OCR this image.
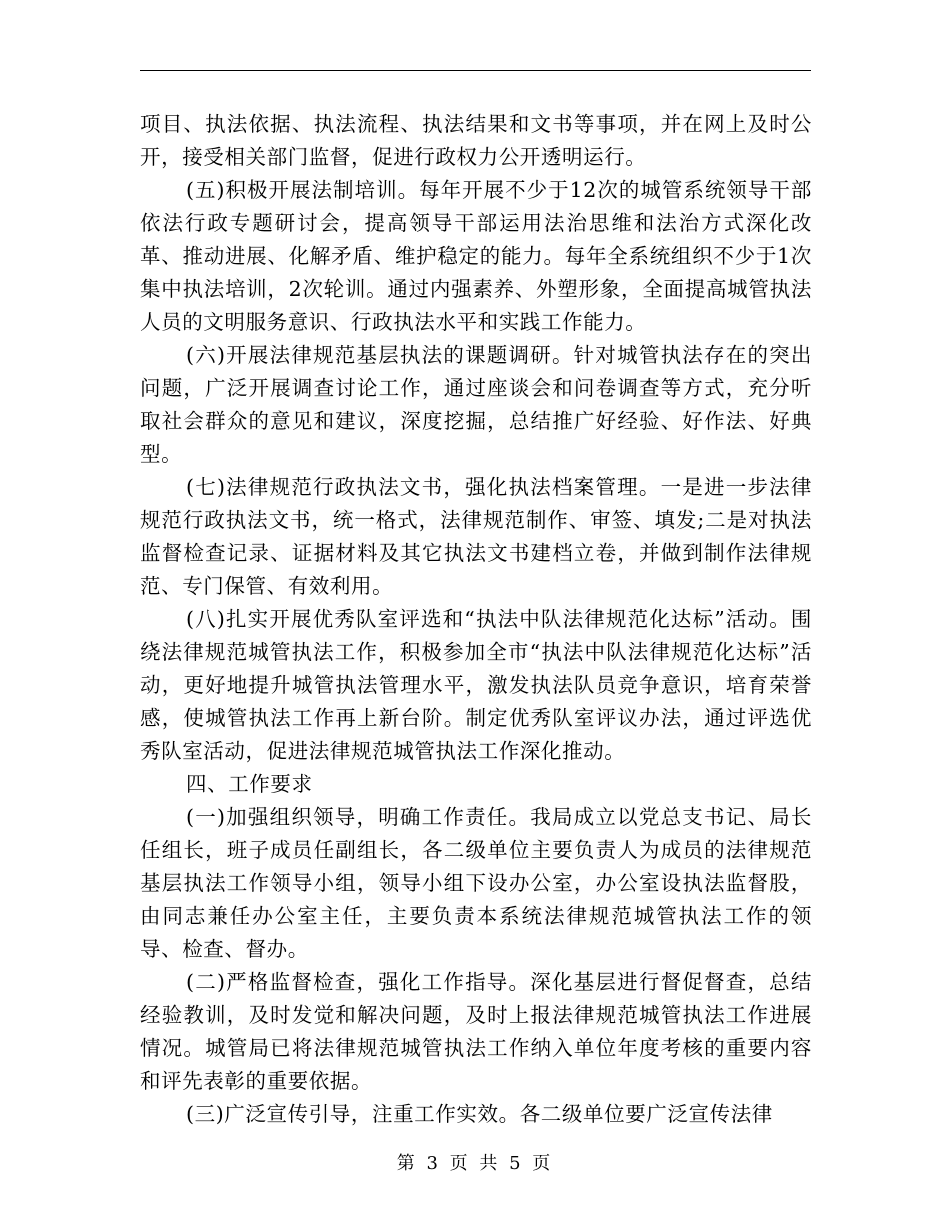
项目、执法依据、执法流程、执法结果和文书等事项，并在网上及时公开，接受相关部门监督，促进行政权力公开透明运行。

(五)积极开展法制培训。每年开展不少于12次的城管系统领导干部依法行政专题研讨会，提高领导干部运用法治思维和法治方式深化改革、推动进展、化解矛盾、维护稳定的能力。每年全系统组织不少于1次集中执法培训，2次轮训。通过内强素养、外塑形象，全面提高城管执法人员的文明服务意识、行政执法水平和实践工作能力。

(六)开展法律规范基层执法的课题调研。针对城管执法存在的突出问题，广泛开展调查讨论工作，通过座谈会和问卷调查等方式，充分听取社会群众的意见和建议，深度挖掘，总结推广好经验、好作法、好典型。

(七)法律规范行政执法文书，强化执法档案管理。一是进一步法律规范行政执法文书，统一格式，法律规范制作、审签、填发;二是对执法监督检查记录、证据材料及其它执法文书建档立卷，并做到制作法律规范、专门保管、有效利用。

(八)扎实开展优秀队室评选和“执法中队法律规范化达标”活动。围绕法律规范城管执法工作，积极参加全市“执法中队法律规范化达标”活动，更好地提升城管执法管理水平，激发执法队员竞争意识，培育荣誉感，使城管执法工作再上新台阶。制定优秀队室评议办法，通过评选优秀队室活动，促进法律规范城管执法工作深化推动。

四、工作要求

(一)加强组织领导，明确工作责任。我局成立以党总支书记、局长任组长，班子成员任副组长，各二级单位主要负责人为成员的法律规范基层执法工作领导小组，领导小组下设办公室，办公室设执法监督股，由同志兼任办公室主任，主要负责本系统法律规范城管执法工作的领导、检查、督办。

(二)严格监督检查，强化工作指导。深化基层进行督促督查，总结经验教训，及时发觉和解决问题，及时上报法律规范城管执法工作进展情况。城管局已将法律规范城管执法工作纳入单位年度考核的重要内容和评先表彰的重要依据。

(三)广泛宣传引导，注重工作实效。各二级单位要广泛宣传法律

第 3 页 共 5 页
